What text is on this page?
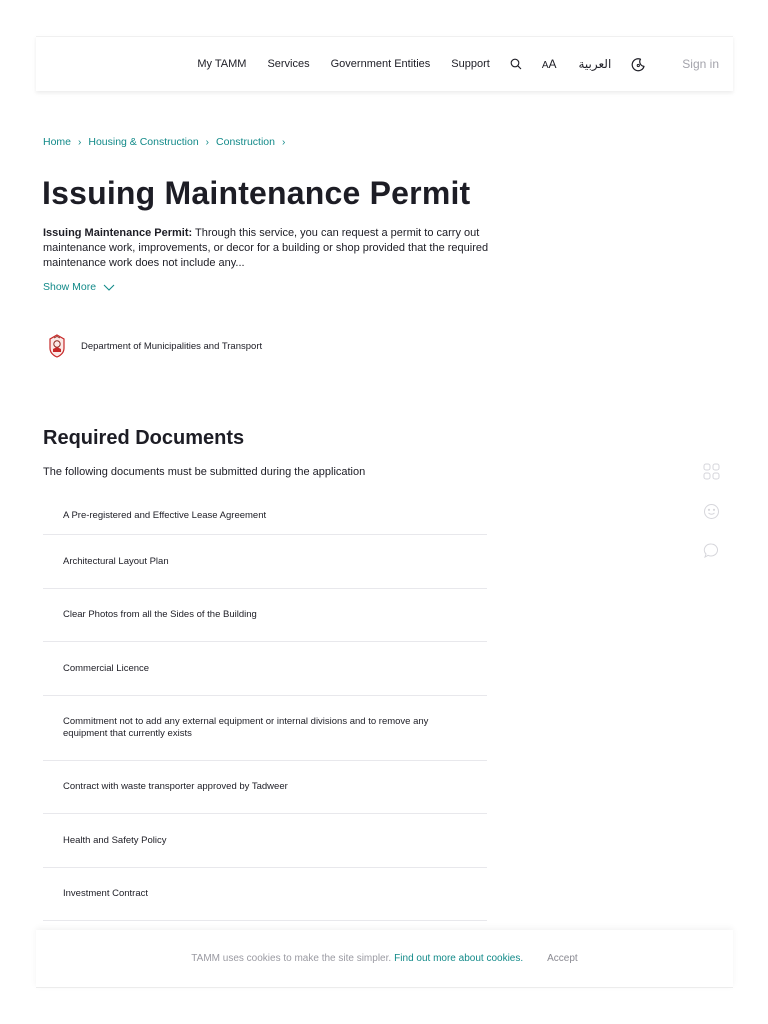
My TAMM Services Government Entities Support	AA العربية	Sign in
Home › Housing & Construction › Construction ›
Issuing Maintenance Permit

Issuing Maintenance Permit: Through this service, you can request a permit to carry out maintenance work, improvements, or decor for a building or shop provided that the required maintenance work does not include any...

Show More
Department of Municipalities and Transport
Required Documents

The following documents must be submitted during the application

A Pre-registered and Effective Lease Agreement
Architectural Layout Plan
Clear Photos from all the Sides of the Building
Commercial Licence
Commitment not to add any external equipment or internal divisions and to remove any equipment that currently exists
Contract with waste transporter approved by Tadweer
Health and Safety Policy
Investment Contract
TAMM uses cookies to make the site simpler. Find out more about cookies. Accept
